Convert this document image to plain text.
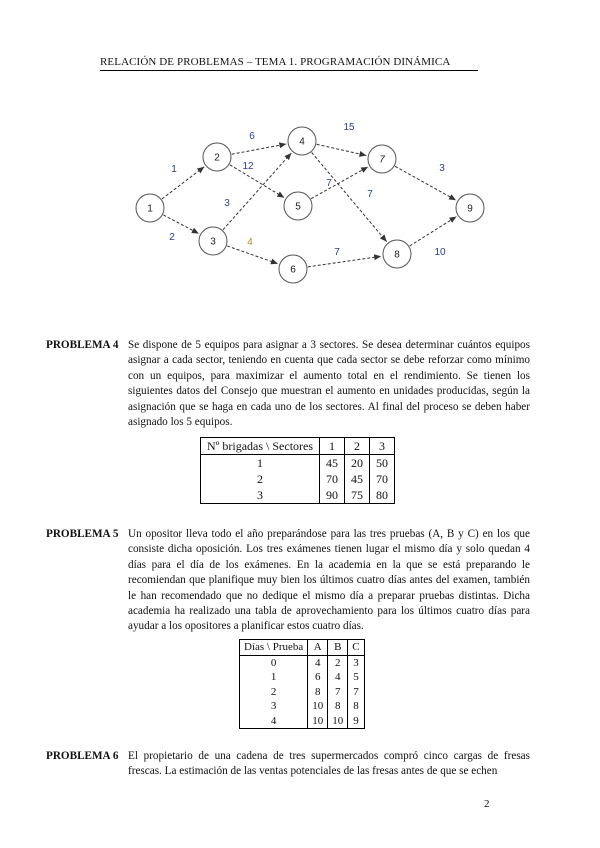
RELACIÓN DE PROBLEMAS – TEMA 1. PROGRAMACIÓN DINÁMICA
1
2
6
12
3
4
15
7
7
7
3
10
1
2
3
4
5
6
7
8
9
PROBLEMA 4 Se dispone de 5 equipos para asignar a 3 sectores. Se desea determinar cuántos equipos asignar a cada sector, teniendo en cuenta que cada sector se debe reforzar como mínimo con un equipos, para maximizar el aumento total en el rendimiento. Se tienen los siguientes datos del Consejo que muestran el aumento en unidades producidas, según la asignación que se haga en cada uno de los sectores. Al final del proceso se deben haber asignado los 5 equipos.
Nº brigadas \ Sectores	1	2	3
1	45	20	50
2	70	45	70
3	90	75	80
PROBLEMA 5 Un opositor lleva todo el año preparándose para las tres pruebas (A, B y C) en los que consiste dicha oposición. Los tres exámenes tienen lugar el mismo día y solo quedan 4 días para el día de los exámenes. En la academia en la que se está preparando le recomiendan que planifique muy bien los últimos cuatro días antes del examen, también le han recomendado que no dedique el mismo día a preparar pruebas distintas. Dicha academia ha realizado una tabla de aprovechamiento para los últimos cuatro días para ayudar a los opositores a planificar estos cuatro días.
Días \ Prueba	A	B	C
0	4	2	3
1	6	4	5
2	8	7	7
3	10	8	8
4	10	10	9
PROBLEMA 6 El propietario de una cadena de tres supermercados compró cinco cargas de fresas frescas. La estimación de las ventas potenciales de las fresas antes de que se echen
2
